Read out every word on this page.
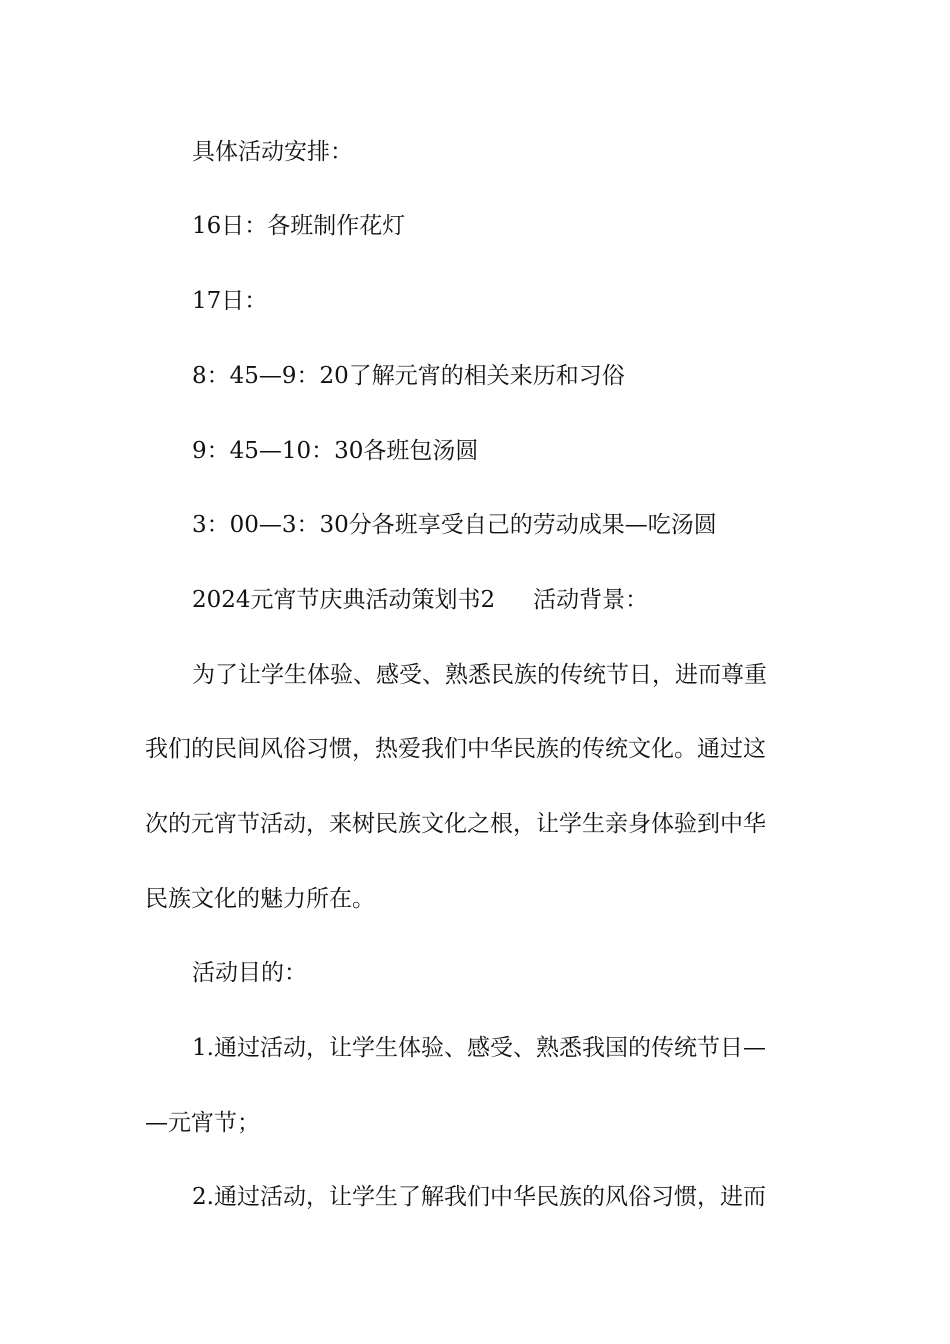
具体活动安排：
16日：各班制作花灯
17日：
8：45—9：20了解元宵的相关来历和习俗
9：45—10：30各班包汤圆
3：00—3：30分各班享受自己的劳动成果—吃汤圆
2024元宵节庆典活动策划书2 活动背景：
为了让学生体验、感受、熟悉民族的传统节日，进而尊重
我们的民间风俗习惯，热爱我们中华民族的传统文化。通过这
次的元宵节活动，来树民族文化之根，让学生亲身体验到中华
民族文化的魅力所在。
活动目的：
1.通过活动，让学生体验、感受、熟悉我国的传统节日—
—元宵节；
2.通过活动，让学生了解我们中华民族的风俗习惯，进而
